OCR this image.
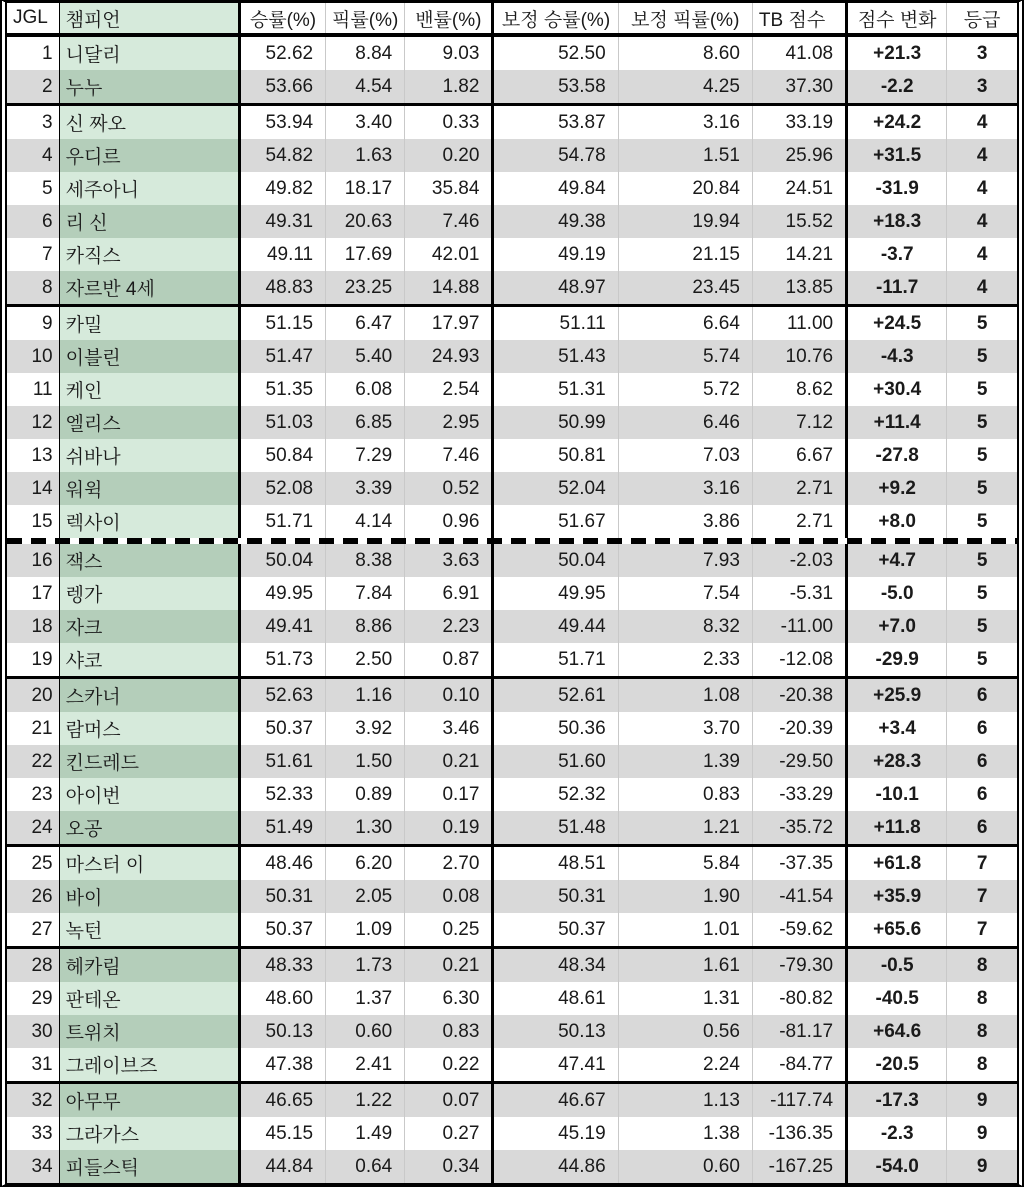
JGL	챔피언	승률(%)	픽률(%)	밴률(%)	보정 승률(%)	보정 픽률(%)	TB 점수	점수 변화	등급
1	니달리	52.62	8.84	9.03	52.50	8.60	41.08	+21.3	3
2	누누	53.66	4.54	1.82	53.58	4.25	37.30	-2.2	3
3	신 짜오	53.94	3.40	0.33	53.87	3.16	33.19	+24.2	4
4	우디르	54.82	1.63	0.20	54.78	1.51	25.96	+31.5	4
5	세주아니	49.82	18.17	35.84	49.84	20.84	24.51	-31.9	4
6	리 신	49.31	20.63	7.46	49.38	19.94	15.52	+18.3	4
7	카직스	49.11	17.69	42.01	49.19	21.15	14.21	-3.7	4
8	자르반 4세	48.83	23.25	14.88	48.97	23.45	13.85	-11.7	4
9	카밀	51.15	6.47	17.97	51.11	6.64	11.00	+24.5	5
10	이블린	51.47	5.40	24.93	51.43	5.74	10.76	-4.3	5
11	케인	51.35	6.08	2.54	51.31	5.72	8.62	+30.4	5
12	엘리스	51.03	6.85	2.95	50.99	6.46	7.12	+11.4	5
13	쉬바나	50.84	7.29	7.46	50.81	7.03	6.67	-27.8	5
14	워윅	52.08	3.39	0.52	52.04	3.16	2.71	+9.2	5
15	렉사이	51.71	4.14	0.96	51.67	3.86	2.71	+8.0	5

16	잭스	50.04	8.38	3.63	50.04	7.93	-2.03	+4.7	5
17	렝가	49.95	7.84	6.91	49.95	7.54	-5.31	-5.0	5
18	자크	49.41	8.86	2.23	49.44	8.32	-11.00	+7.0	5
19	샤코	51.73	2.50	0.87	51.71	2.33	-12.08	-29.9	5
20	스카너	52.63	1.16	0.10	52.61	1.08	-20.38	+25.9	6
21	람머스	50.37	3.92	3.46	50.36	3.70	-20.39	+3.4	6
22	킨드레드	51.61	1.50	0.21	51.60	1.39	-29.50	+28.3	6
23	아이번	52.33	0.89	0.17	52.32	0.83	-33.29	-10.1	6
24	오공	51.49	1.30	0.19	51.48	1.21	-35.72	+11.8	6
25	마스터 이	48.46	6.20	2.70	48.51	5.84	-37.35	+61.8	7
26	바이	50.31	2.05	0.08	50.31	1.90	-41.54	+35.9	7
27	녹턴	50.37	1.09	0.25	50.37	1.01	-59.62	+65.6	7
28	헤카림	48.33	1.73	0.21	48.34	1.61	-79.30	-0.5	8
29	판테온	48.60	1.37	6.30	48.61	1.31	-80.82	-40.5	8
30	트위치	50.13	0.60	0.83	50.13	0.56	-81.17	+64.6	8
31	그레이브즈	47.38	2.41	0.22	47.41	2.24	-84.77	-20.5	8
32	아무무	46.65	1.22	0.07	46.67	1.13	-117.74	-17.3	9
33	그라가스	45.15	1.49	0.27	45.19	1.38	-136.35	-2.3	9
34	피들스틱	44.84	0.64	0.34	44.86	0.60	-167.25	-54.0	9
